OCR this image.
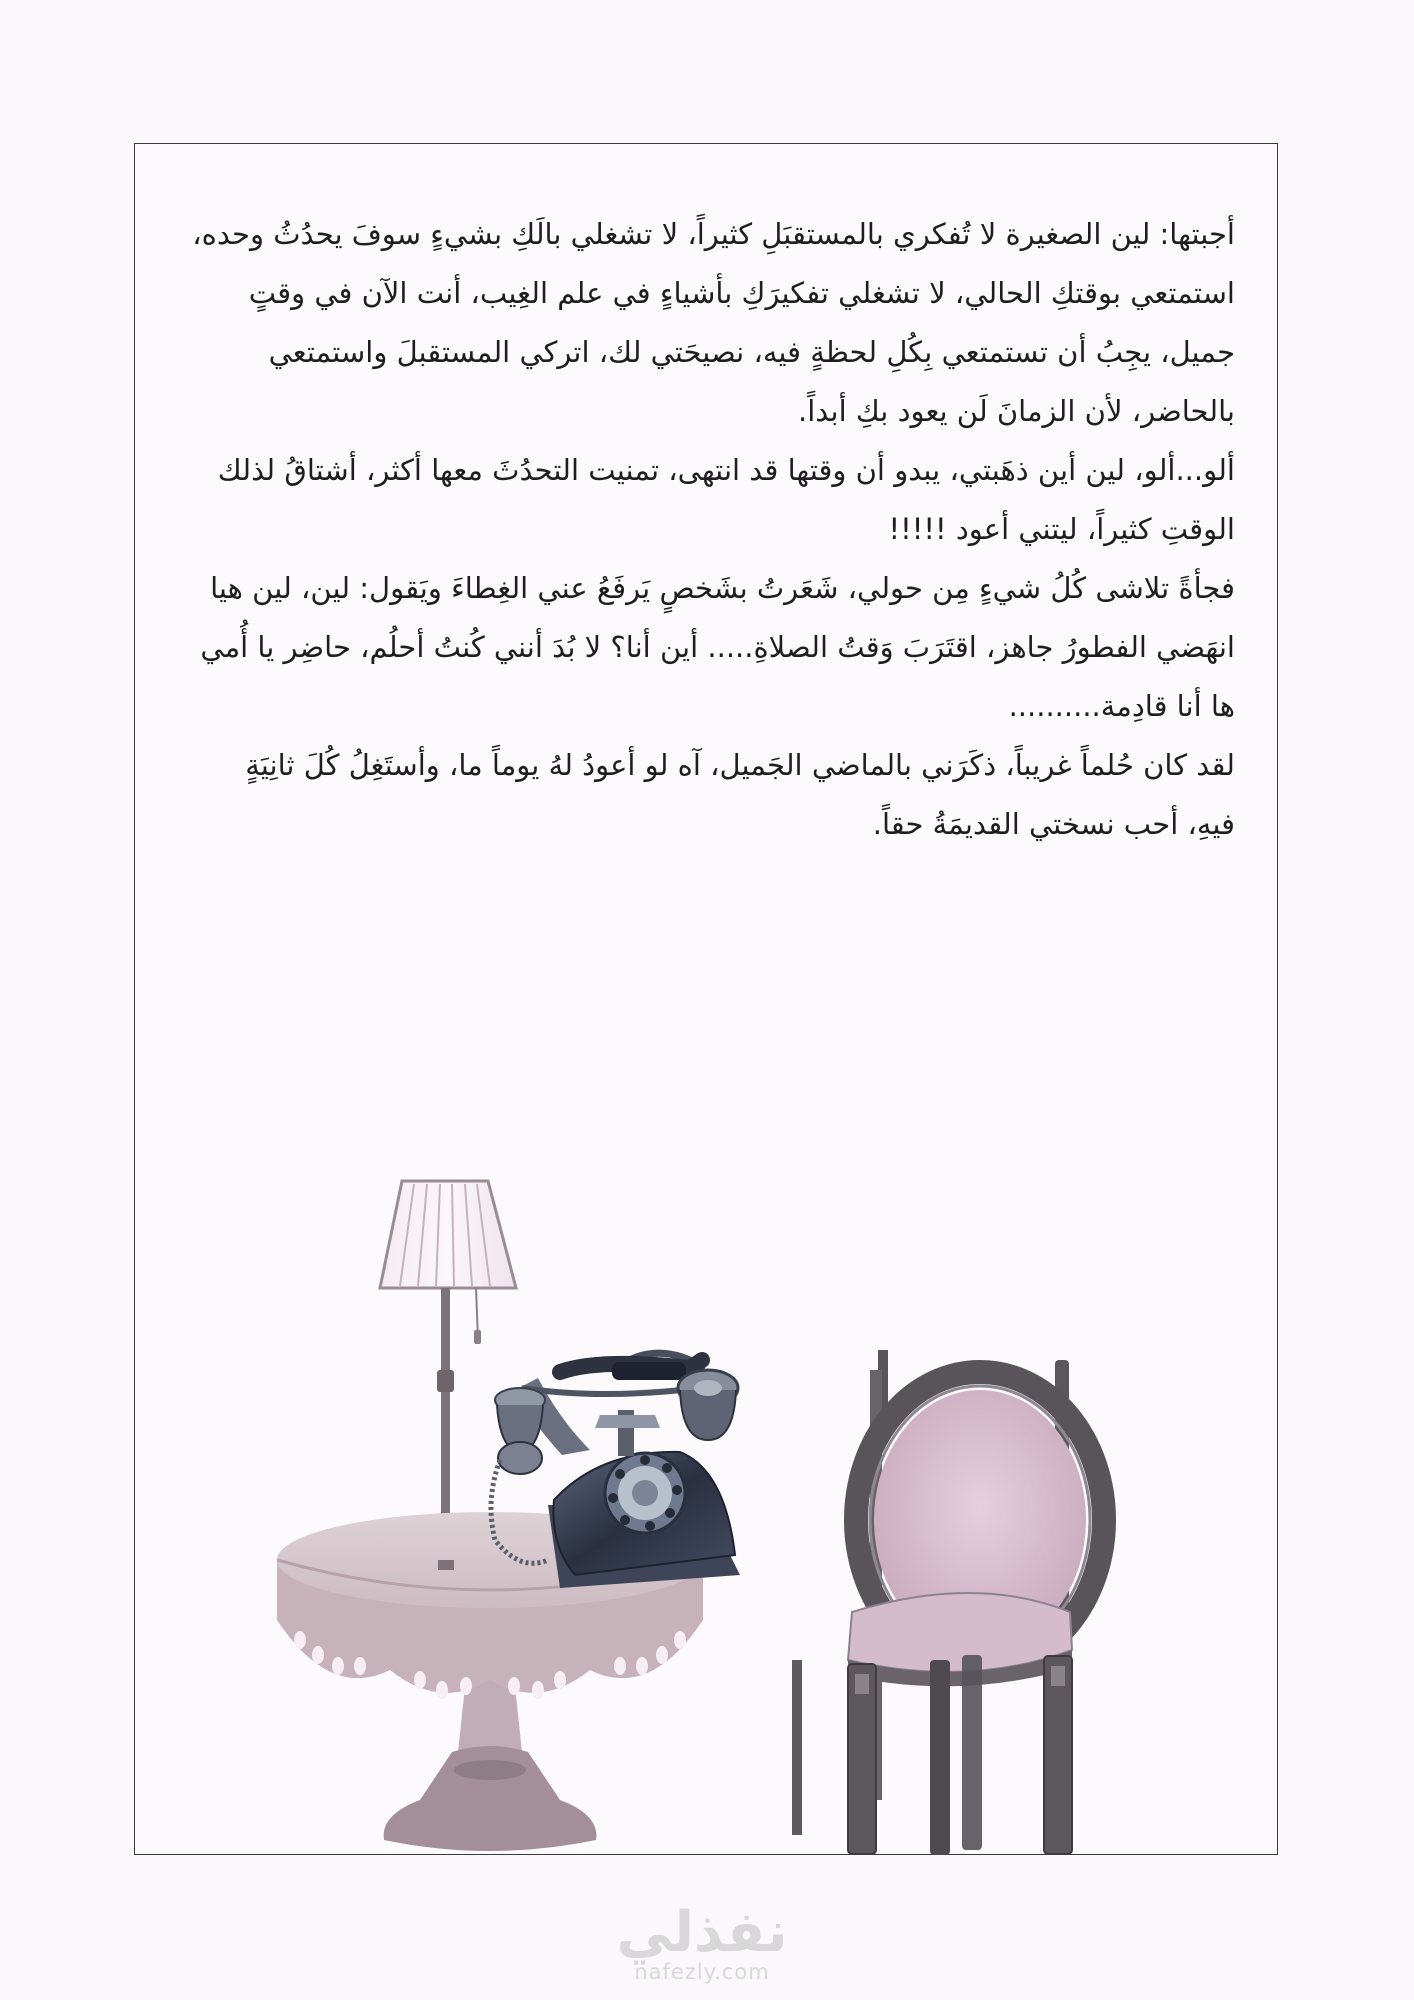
أجبتها: لين الصغيرة لا تُفكري بالمستقبَلِ كثيراً، لا تشغلي بالَكِ بشيءٍ سوفَ يحدُثُ وحده، استمتعي بوقتكِ الحالي، لا تشغلي تفكيرَكِ بأشياءٍ في علم الغِيب، أنت الآن في وقتٍ جميل، يجِبُ أن تستمتعي بِكُلِ لحظةٍ فيه، نصيحَتي لك، اتركي المستقبلَ واستمتعي بالحاضر، لأن الزمانَ لَن يعود بكِ أبداً.

ألو...ألو، لين أين ذهَبتي، يبدو أن وقتها قد انتهى، تمنيت التحدُثَ معها أكثر، أشتاقُ لذلك الوقتِ كثيراً، ليتني أعود !!!!!

فجأةً تلاشى كُلُ شيءٍ مِن حولي، شَعَرتُ بشَخصٍ يَرفَعُ عني الغِطاءَ ويَقول: لين، لين هيا انهَضي الفطورُ جاهز، اقتَرَبَ وَقتُ الصلاةِ..... أين أنا؟ لا بُدَ أنني كُنتُ أحلُم، حاضِر يا أُمي ها أنا قادِمة..........

لقد كان حُلماً غريباً، ذكَرَني بالماضي الجَميل، آه لو أعودُ لهُ يوماً ما، وأستَغِلُ كُلَ ثانِيَةٍ فيهِ، أحب نسختي القديمَةُ حقاً.

نفذلي
nafezly.com
